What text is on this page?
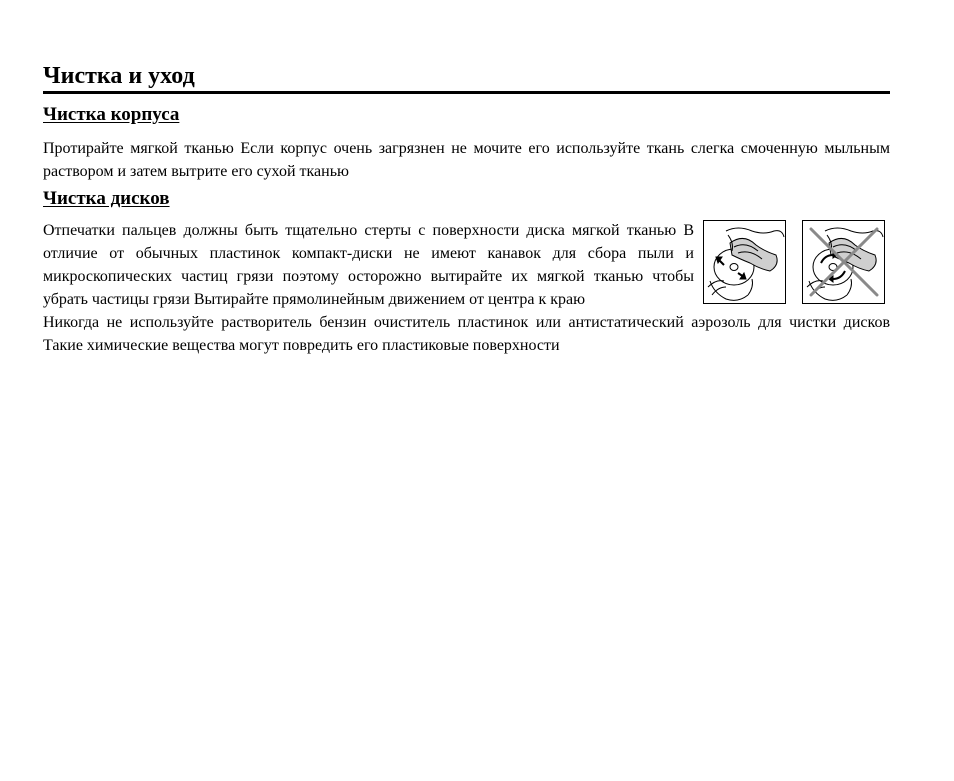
Чистка и уход
Чистка корпуса

Протирайте мягкой тканью Если корпус очень загрязнен не мочите его используйте ткань слегка смоченную мыльным раствором и затем вытрите его сухой тканью

Чистка дисков

Отпечатки пальцев должны быть тщательно стерты с поверхности диска мягкой тканью В отличие от обычных пластинок компакт-диски не имеют канавок для сбора пыли и микроскопических частиц грязи поэтому осторожно вытирайте их мягкой тканью чтобы убрать частицы грязи Вытирайте прямолинейным движением от центра к краю

Никогда не используйте растворитель бензин очиститель пластинок или антистатический аэрозоль для чистки дисков Такие химические вещества могут повредить его пластиковые поверхности
